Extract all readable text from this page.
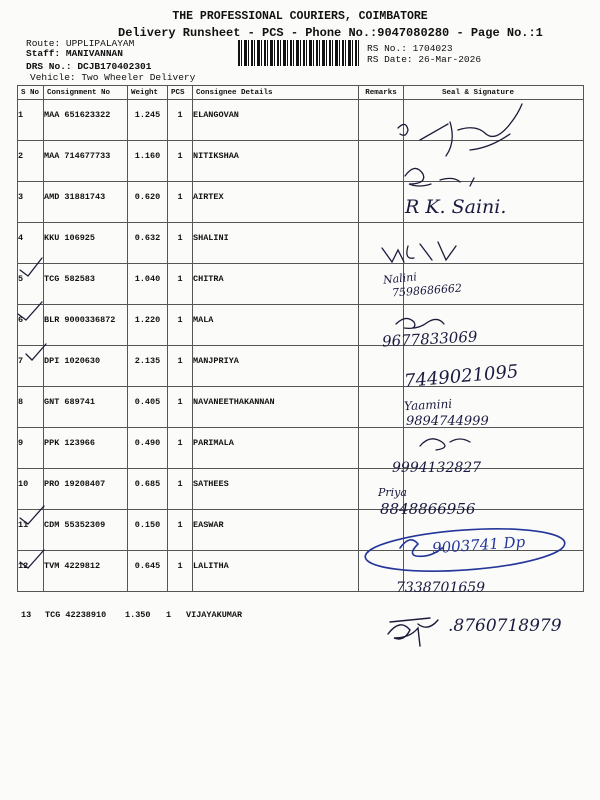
THE PROFESSIONAL COURIERS, COIMBATORE
Delivery Runsheet - PCS - Phone No.:9047080280 - Page No.:1
Route: UPPLIPALAYAM
Staff: MANIVANNAN
DRS No.: DCJB170402301
Vehicle: Two Wheeler Delivery
RS No.: 1704023
RS Date: 26-Mar-2026
S No	Consignment No	Weight	PCS	Consignee Details	Remarks	Seal & Signature
1	MAA 651623322	1.245	1	ELANGOVAN		
2	MAA 714677733	1.160	1	NITIKSHAA		
3	AMD 31881743	0.620	1	AIRTEX		
4	KKU 106925	0.632	1	SHALINI		
5	TCG 582583	1.040	1	CHITRA		
6	BLR 9000336872	1.220	1	MALA		
7	DPI 1020630	2.135	1	MANJPRIYA		
8	GNT 689741	0.405	1	NAVANEETHAKANNAN		
9	PPK 123966	0.490	1	PARIMALA		
10	PRO 19208407	0.685	1	SATHEES		
11	CDM 55352309	0.150	1	EASWAR		
12	TVM 4229812	0.645	1	LALITHA		
13 TCG 42238910 1.350 1 VIJAYAKUMAR
R K. Saini.
Nalini
7598686662
9677833069
7449021095
Yaamini
9894744999
9994132827
Priya
8848866956
9003741 Dp
7338701659
.8760718979
